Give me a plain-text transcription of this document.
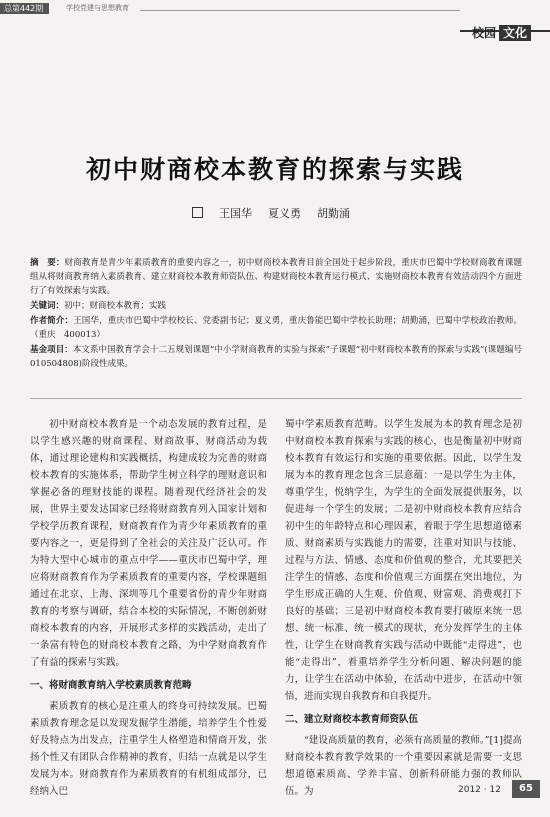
总第442期	学校党建与思想教育
校园 文化
初中财商校本教育的探索与实践
王国华 夏义勇 胡勤涌

摘　要：财商教育是青少年素质教育的重要内容之一，初中财商校本教育目前全国处于起步阶段，重庆市巴蜀中学校财商教育课题组从将财商教育纳入素质教育、建立财商校本教育师资队伍、构建财商校本教育运行模式、实施财商校本教育有效活动四个方面进行了有效探索与实践。

关键词：初中；财商校本教育；实践

作者简介：王国华，重庆市巴蜀中学校校长、党委副书记；夏义勇，重庆鲁能巴蜀中学校长助理；胡勤涌，巴蜀中学校政治教师。（重庆　400013）

基金项目：本文系中国教育学会十二五规划课题“中小学财商教育的实验与探索”子课题“初中财商校本教育的探索与实践”(课题编号010504808)阶段性成果。

初中财商校本教育是一个动态发展的教育过程，是以学生感兴趣的财商课程、财商故事、财商活动为载体，通过理论建构和实践概括，构建成较为完善的财商校本教育的实施体系，帮助学生树立科学的理财意识和掌握必备的理财技能的课程。随着现代经济社会的发展，世界主要发达国家已经将财商教育列入国家计划和学校学历教育课程，财商教育作为青少年素质教育的重要内容之一，更是得到了全社会的关注及广泛认可。作为特大型中心城市的重点中学——重庆市巴蜀中学，理应将财商教育作为学素质教育的重要内容，学校课题组通过在北京、上海、深圳等几个重要省份的青少年财商教育的考察与调研，结合本校的实际情况，不断创新财商校本教育的内容，开展形式多样的实践活动，走出了一条富有特色的财商校本教育之路，为中学财商教育作了有益的探索与实践。

一、将财商教育纳入学校素质教育范畴

素质教育的核心是注重人的终身可持续发展。巴蜀素质教育理念是以发现发掘学生潜能，培养学生个性爱好及特点为出发点，注重学生人格塑造和情商开发，张扬个性又有团队合作精神的教育，归结一点就是以学生发展为本。财商教育作为素质教育的有机组成部分，已经纳入巴

蜀中学素质教育范畴。以学生发展为本的教育理念是初中财商校本教育探索与实践的核心，也是衡量初中财商校本教育有效运行和实施的重要依据。因此，以学生发展为本的教育理念包含三层意蕴：一是以学生为主体，尊重学生，悦纳学生，为学生的全面发展提供服务，以促进每一个学生的发展；二是初中财商校本教育应结合初中生的年龄特点和心理因素，着眼于学生思想道德素质、财商素质与实践能力的需要，注重对知识与技能、过程与方法、情感、态度和价值观的整合，尤其要把关注学生的情感、态度和价值观三方面摆在突出地位，为学生形成正确的人生观、价值观、财富观、消费观打下良好的基础；三是初中财商校本教育要打破原来统一思想、统一标准、统一模式的现状，充分发挥学生的主体性，让学生在财商教育实践与活动中既能“走得进”，也能“走得出”，着重培养学生分析问题、解决问题的能力，让学生在活动中体验，在活动中进步，在活动中领悟，进而实现自我教育和自我提升。

二、建立财商校本教育师资队伍

“建设高质量的教育，必须有高质量的教师。”[1]提高财商校本教育教学效果的一个重要因素就是需要一支思想道德素质高、学养丰富、创新科研能力强的教师队伍。为	2012 · 12	65
